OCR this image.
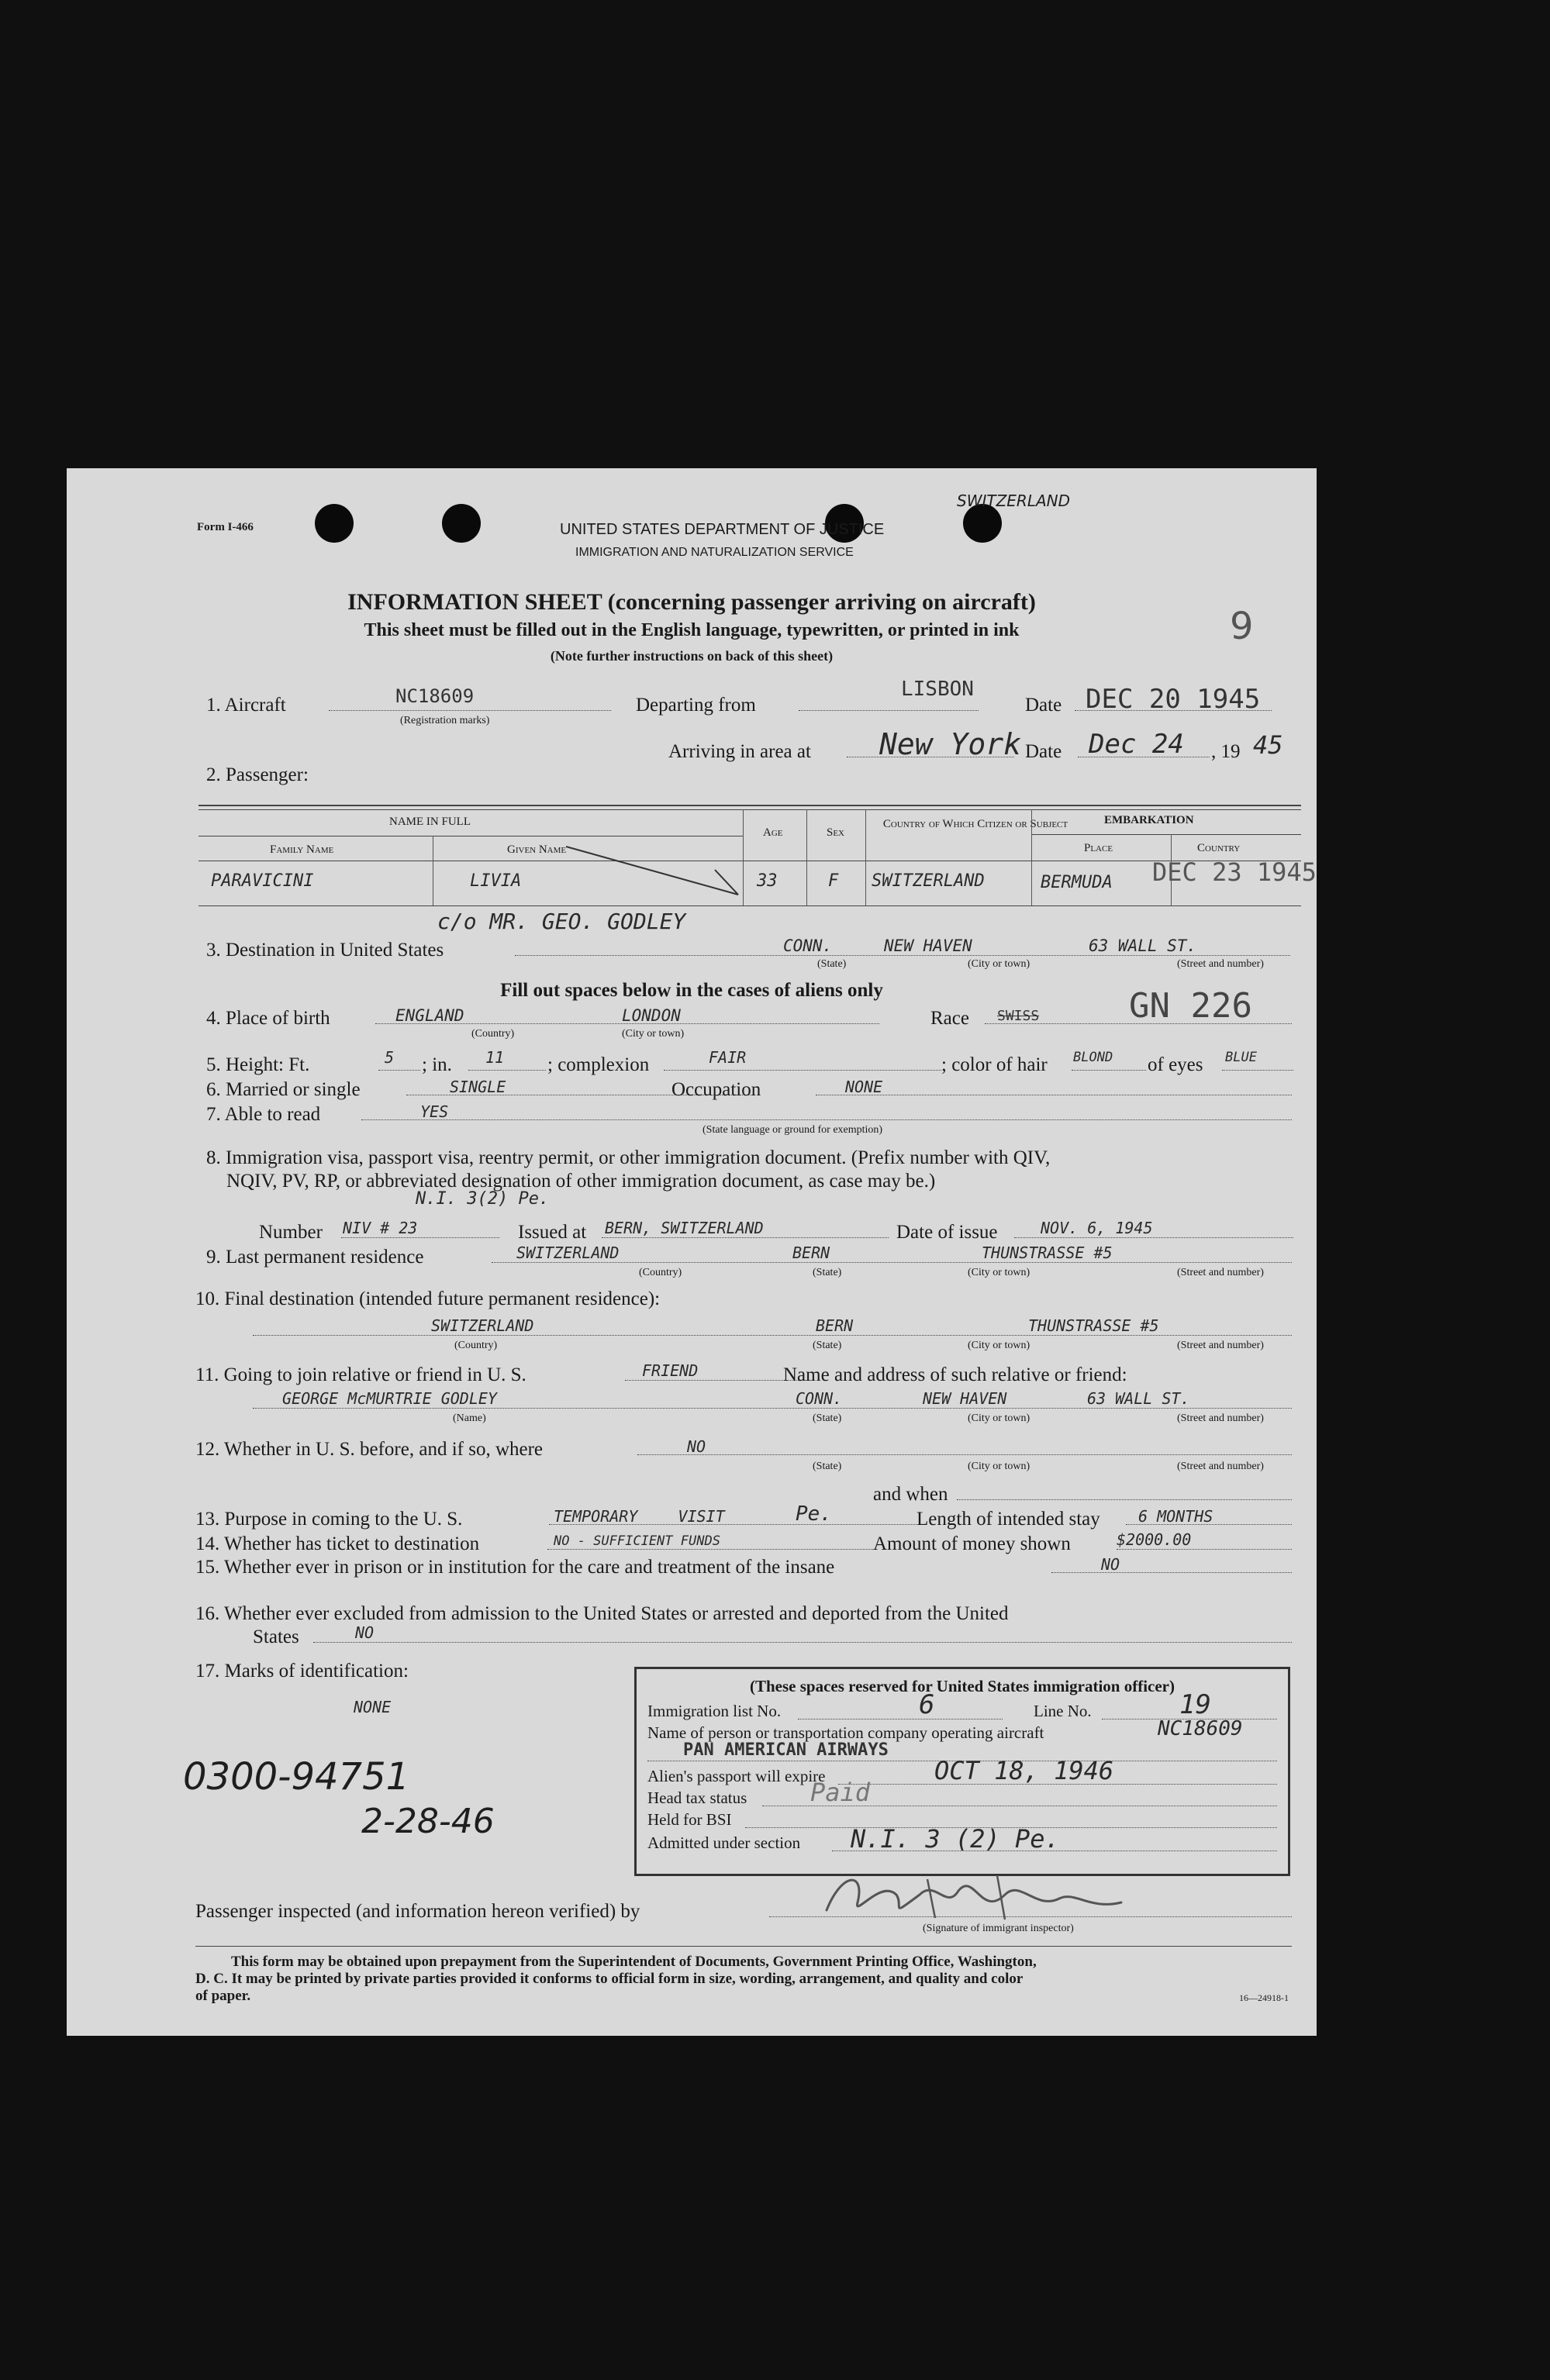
Form I-466	UNITED STATES DEPARTMENT OF JUSTICE
IMMIGRATION AND NATURALIZATION SERVICE
SWITZERLAND
9
INFORMATION SHEET (concerning passenger arriving on aircraft)
This sheet must be filled out in the English language, typewritten, or printed in ink
(Note further instructions on back of this sheet)
1. Aircraft	NC18609
(Registration marks)
Departing from
LISBON
Date DEC 20 1945
Arriving in area at New York Date Dec 24 , 19 45
2. Passenger:
NAME IN FULL
Family Name	Given Name
Age	Sex
Country of Which Citizen or Subject	EMBARKATION
Place	Country
PARAVICINI	LIVIA	33	F SWITZERLAND	BERMUDA DEC 23 1945
c/o MR. GEO. GODLEY
3. Destination in United States	CONN.	NEW HAVEN	63 WALL ST.
(State)	(City or town)	(Street and number)
Fill out spaces below in the cases of aliens only
4. Place of birth	ENGLAND	LONDON
(Country)	(City or town)
Race SWISS	GN 226
5. Height: Ft.	5 ; in. 11 ; complexion	FAIR	; color of hair BLOND of eyes BLUE
6. Married or single	SINGLE	Occupation	NONE
7. Able to read	YES
(State language or ground for exemption)
8. Immigration visa, passport visa, reentry permit, or other immigration document. (Prefix number with QIV,
NQIV, PV, RP, or abbreviated designation of other immigration document, as case may be.)
N.I. 3(2) Pe.
Number NIV # 23	Issued at BERN, SWITZERLAND	Date of issue	NOV. 6, 1945
9. Last permanent residence	SWITZERLAND	BERN	THUNSTRASSE #5
(Country)	(State)	(City or town)	(Street and number)
10. Final destination (intended future permanent residence):
SWITZERLAND	BERN	THUNSTRASSE #5
(Country)	(State)	(City or town)	(Street and number)
11. Going to join relative or friend in U. S.	FRIEND	Name and address of such relative or friend:
GEORGE McMURTRIE GODLEY	CONN.	NEW HAVEN	63 WALL ST.
(Name)	(State)	(City or town)	(Street and number)
12. Whether in U. S. before, and if so, where	NO
(State)	(City or town)	(Street and number)
and when
13. Purpose in coming to the U. S.	TEMPORARY VISIT	Pe.	Length of intended stay 6 MONTHS
14. Whether has ticket to destination	NO - SUFFICIENT FUNDS	Amount of money shown	$2000.00
15. Whether ever in prison or in institution for the care and treatment of the insane	NO
16. Whether ever excluded from admission to the United States or arrested and deported from the United
States	NO
17. Marks of identification:
NONE
0300-94751
2-28-46
(These spaces reserved for United States immigration officer)
Immigration list No.	6	Line No.	19
Name of person or transportation company operating aircraft	NC18609
PAN AMERICAN AIRWAYS
Alien's passport will expire	OCT 18, 1946
Head tax status	Paid
Held for BSI
Admitted under section N.I. 3 (2) Pe.
Passenger inspected (and information hereon verified) by
(Signature of immigrant inspector)
This form may be obtained upon prepayment from the Superintendent of Documents, Government Printing Office, Washington,
D. C. It may be printed by private parties provided it conforms to official form in size, wording, arrangement, and quality and color
of paper.	16—24918-1
